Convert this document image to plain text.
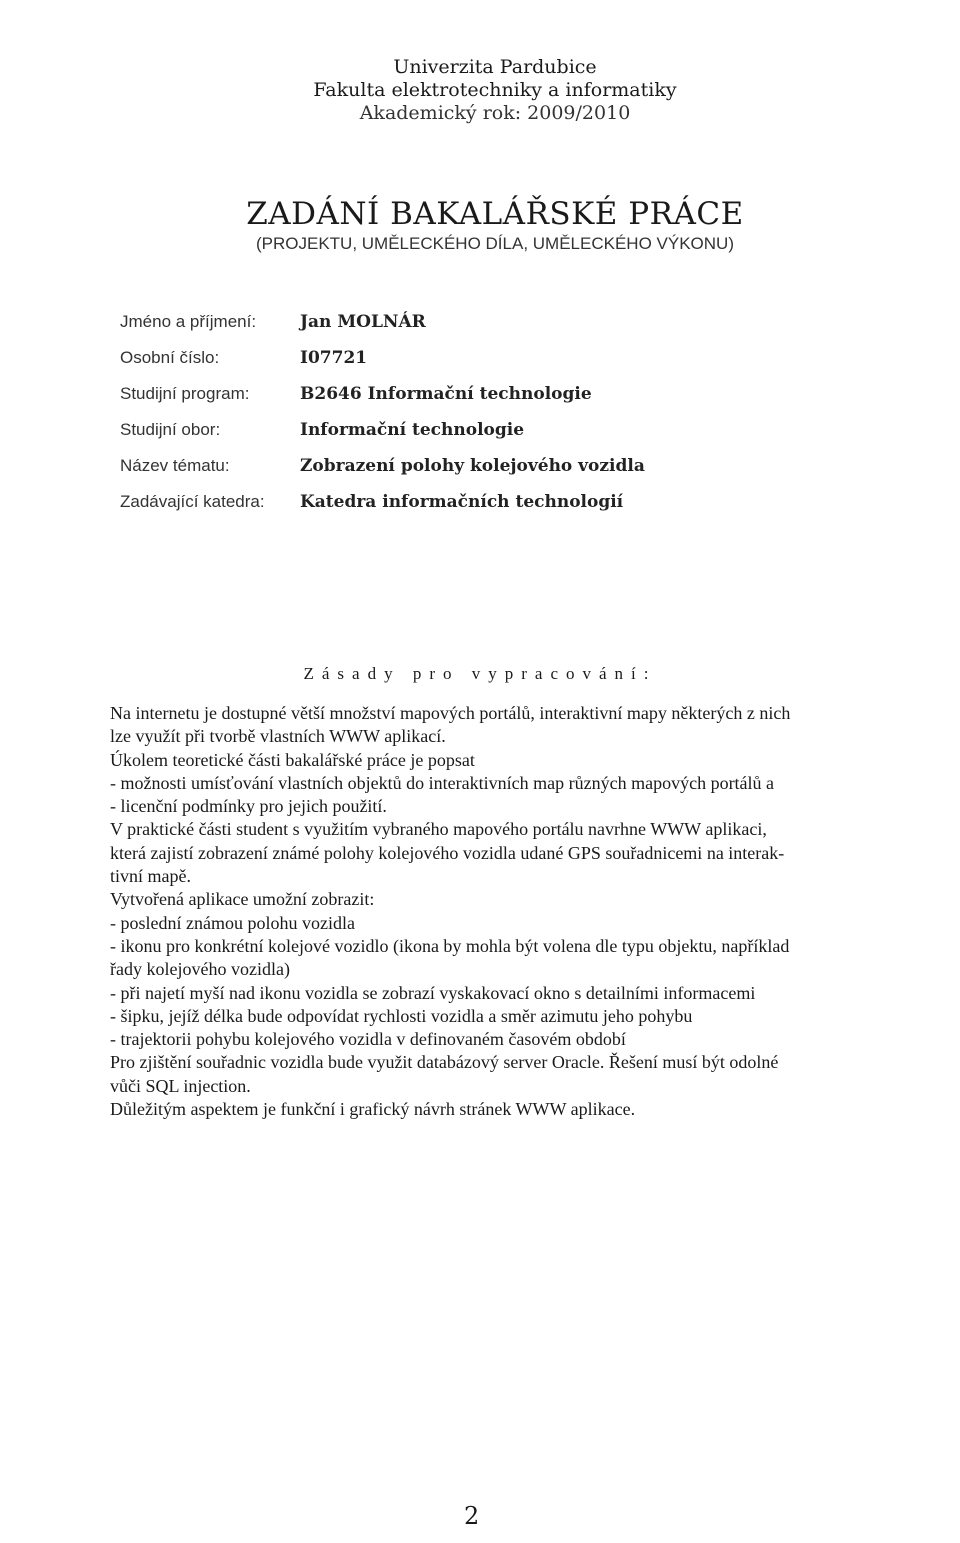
Univerzita Pardubice
Fakulta elektrotechniky a informatiky
Akademický rok: 2009/2010
ZADÁNÍ BAKALÁŘSKÉ PRÁCE
(PROJEKTU, UMĚLECKÉHO DÍLA, UMĚLECKÉHO VÝKONU)
Jméno a příjmení:	Jan MOLNÁR
Osobní číslo:	I07721
Studijní program:	B2646 Informační technologie
Studijní obor:	Informační technologie
Název tématu:	Zobrazení polohy kolejového vozidla
Zadávající katedra:	Katedra informačních technologií
Zásady pro vypracování:
Na internetu je dostupné větší množství mapových portálů, interaktivní mapy některých z nich
lze využít při tvorbě vlastních WWW aplikací.
Úkolem teoretické části bakalářské práce je popsat
- možnosti umísťování vlastních objektů do interaktivních map různých mapových portálů a
- licenční podmínky pro jejich použití.
V praktické části student s využitím vybraného mapového portálu navrhne WWW aplikaci,
která zajistí zobrazení známé polohy kolejového vozidla udané GPS souřadnicemi na interak-
tivní mapě.
Vytvořená aplikace umožní zobrazit:
- poslední známou polohu vozidla
- ikonu pro konkrétní kolejové vozidlo (ikona by mohla být volena dle typu objektu, například
řady kolejového vozidla)
- při najetí myší nad ikonu vozidla se zobrazí vyskakovací okno s detailními informacemi
- šipku, jejíž délka bude odpovídat rychlosti vozidla a směr azimutu jeho pohybu
- trajektorii pohybu kolejového vozidla v definovaném časovém období
Pro zjištění souřadnic vozidla bude využit databázový server Oracle. Řešení musí být odolné
vůči SQL injection.
Důležitým aspektem je funkční i grafický návrh stránek WWW aplikace.
2
